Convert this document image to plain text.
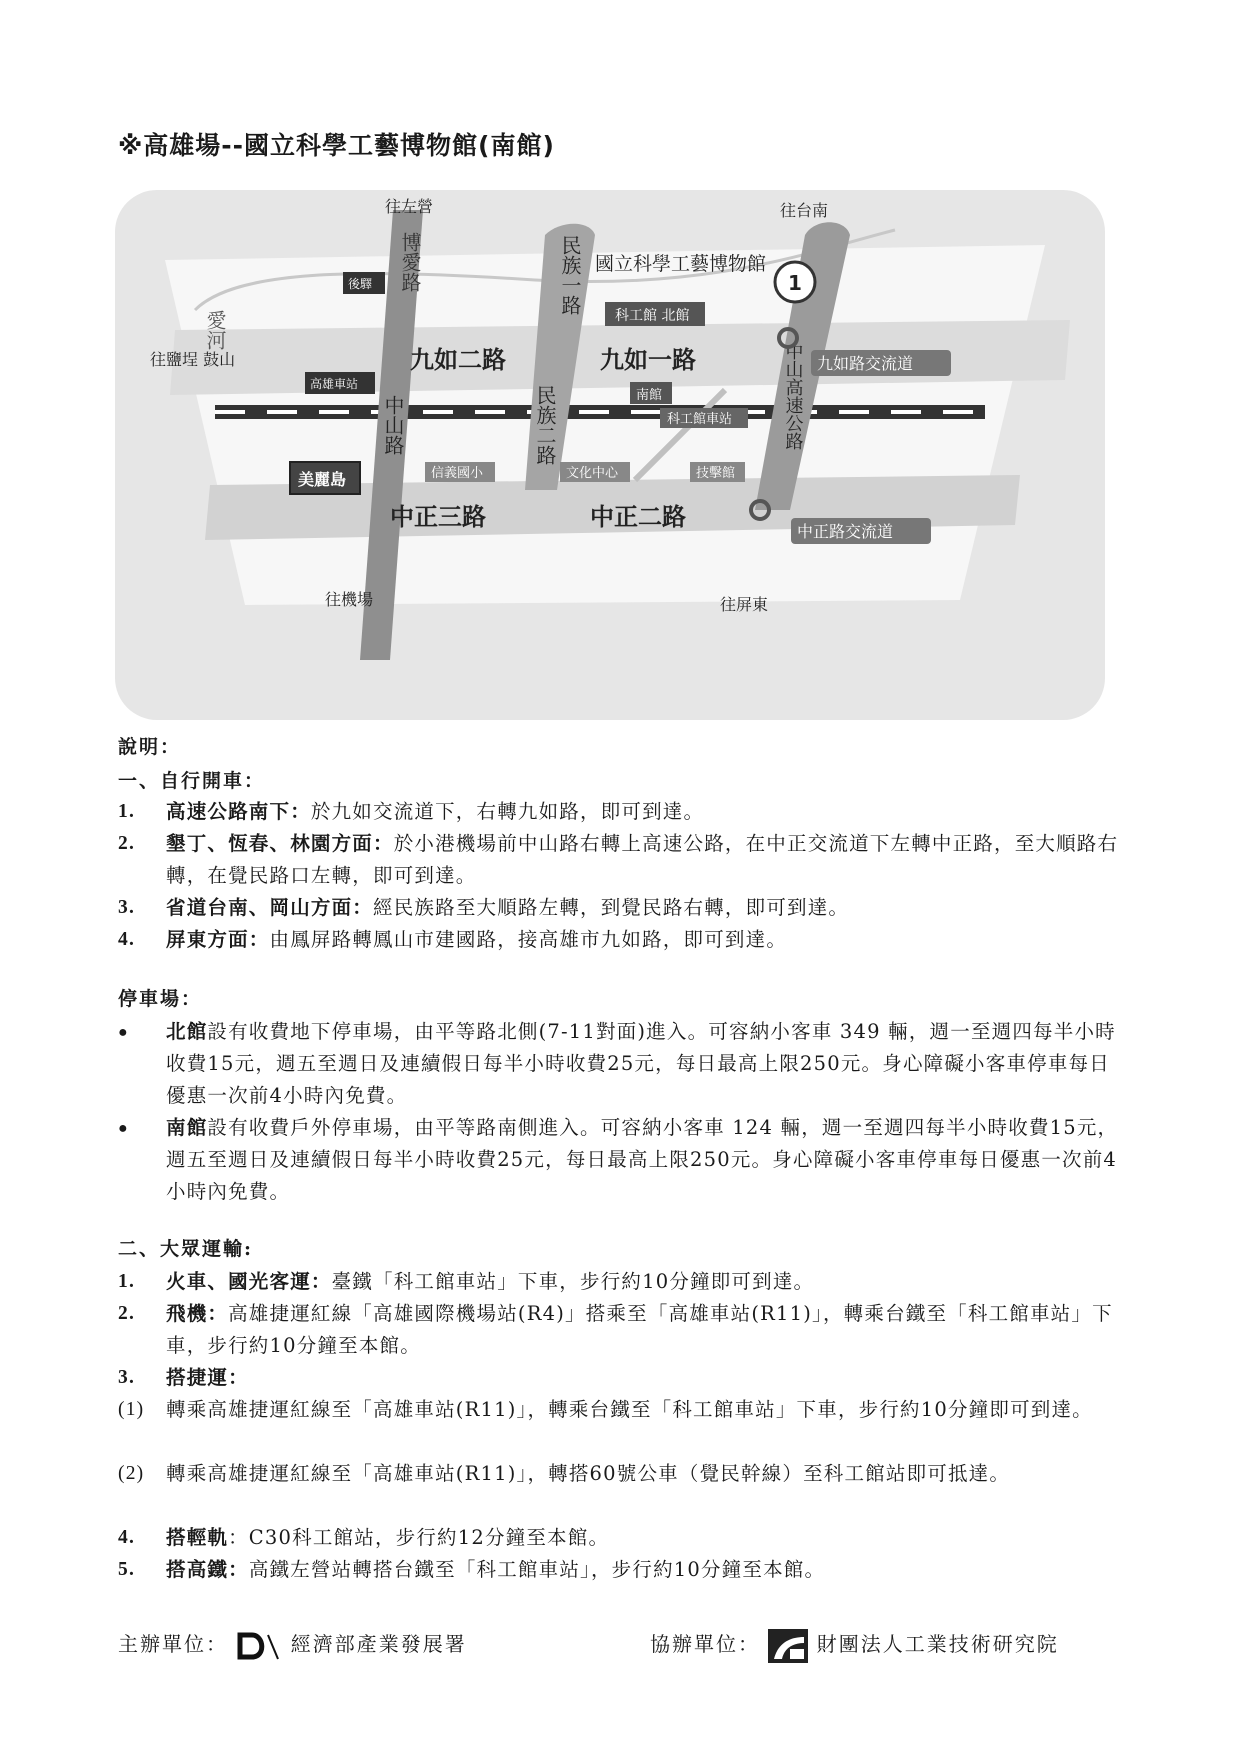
※高雄場--國立科學工藝博物館(南館)
往左營	往台南
往鹽埕 鼓山
往機場	往屏東
愛河
博愛路	民族一路
民族二路
中山路	中山高速公路
九如二路	九如一路
中正三路	中正二路
國立科學工藝博物館
科工館 北館
南館
科工館車站
後驛
高雄車站
美麗島	信義國小	文化中心	技擊館
九如路交流道
中正路交流道
1
說明：
一、自行開車：
1. 高速公路南下：於九如交流道下，右轉九如路，即可到達。
2. 墾丁、恆春、林園方面：於小港機場前中山路右轉上高速公路，在中正交流道下左轉中正路，至大順路右轉，在覺民路口左轉，即可到達。
3. 省道台南、岡山方面：經民族路至大順路左轉，到覺民路右轉，即可到達。
4. 屏東方面：由鳳屏路轉鳳山市建國路，接高雄市九如路，即可到達。
停車場：
● 北館設有收費地下停車場，由平等路北側(7-11對面)進入。可容納小客車 349 輛，週一至週四每半小時收費15元，週五至週日及連續假日每半小時收費25元，每日最高上限250元。身心障礙小客車停車每日優惠一次前4小時內免費。
● 南館設有收費戶外停車場，由平等路南側進入。可容納小客車 124 輛，週一至週四每半小時收費15元，週五至週日及連續假日每半小時收費25元，每日最高上限250元。身心障礙小客車停車每日優惠一次前4小時內免費。
二、大眾運輸:
1. 火車、國光客運：臺鐵「科工館車站」下車，步行約10分鐘即可到達。
2. 飛機：高雄捷運紅線「高雄國際機場站(R4)」搭乘至「高雄車站(R11)」，轉乘台鐵至「科工館車站」下車，步行約10分鐘至本館。
3. 搭捷運：
(1) 轉乘高雄捷運紅線至「高雄車站(R11)」，轉乘台鐵至「科工館車站」下車，步行約10分鐘即可到達。
(2) 轉乘高雄捷運紅線至「高雄車站(R11)」，轉搭60號公車（覺民幹線）至科工館站即可抵達。
4. 搭輕軌：C30科工館站，步行約12分鐘至本館。
5. 搭高鐵：高鐵左營站轉搭台鐵至「科工館車站」，步行約10分鐘至本館。
主辦單位：	經濟部產業發展署	協辦單位：	財團法人工業技術研究院
